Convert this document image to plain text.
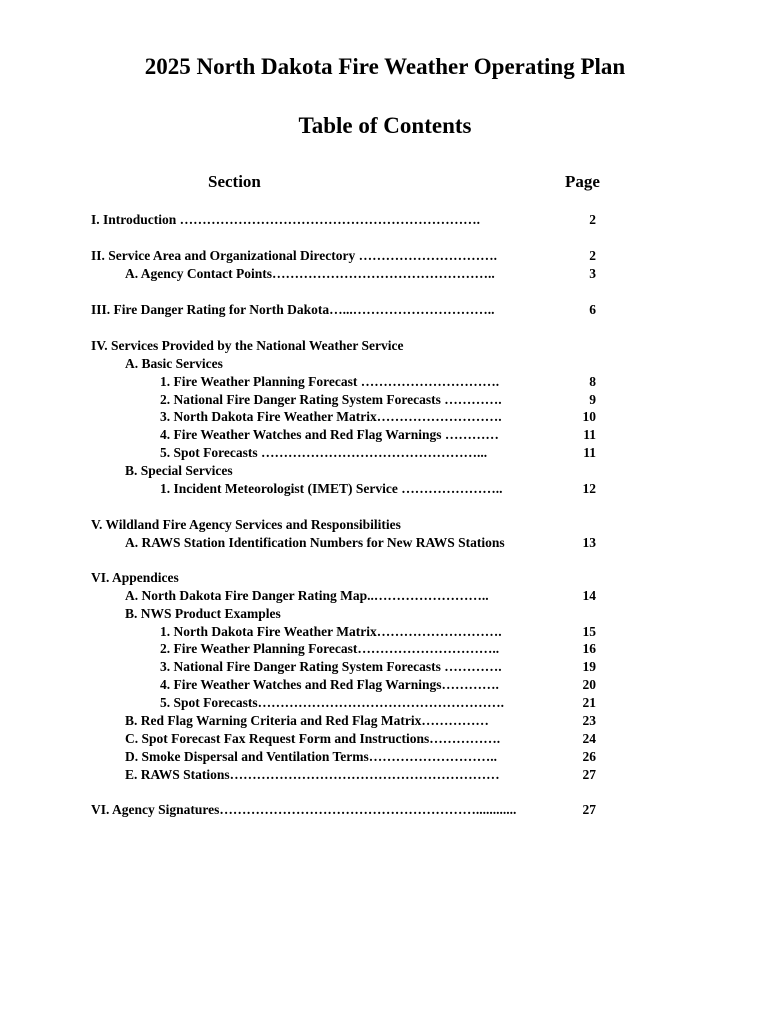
2025 North Dakota Fire Weather Operating Plan
Table of Contents
Section	Page
I. Introduction ………………………………………………………….	2
II. Service Area and Organizational Directory ………………………….	2
A. Agency Contact Points…………………………………………..	3
III. Fire Danger Rating for North Dakota…...…………………………..	6
IV. Services Provided by the National Weather Service
A. Basic Services
1. Fire Weather Planning Forecast ………………………….	8
2. National Fire Danger Rating System Forecasts ………….	9
3. North Dakota Fire Weather Matrix……………………….	10
4. Fire Weather Watches and Red Flag Warnings …………	11
5. Spot Forecasts …………………………………………...	11
B. Special Services
1. Incident Meteorologist (IMET) Service …………………..	12
V. Wildland Fire Agency Services and Responsibilities
A. RAWS Station Identification Numbers for New RAWS Stations	13
VI. Appendices
A. North Dakota Fire Danger Rating Map..……………………..	14
B. NWS Product Examples
1. North Dakota Fire Weather Matrix……………………….	15
2. Fire Weather Planning Forecast…………………………..	16
3. National Fire Danger Rating System Forecasts ………….	19
4. Fire Weather Watches and Red Flag Warnings………….	20
5. Spot Forecasts……………………………………………….	21
B. Red Flag Warning Criteria and Red Flag Matrix……………	23
C. Spot Forecast Fax Request Form and Instructions…………….	24
D. Smoke Dispersal and Ventilation Terms………………………..	26
E. RAWS Stations……………………………………………………	27
VI. Agency Signatures…………………………………………………............	27
